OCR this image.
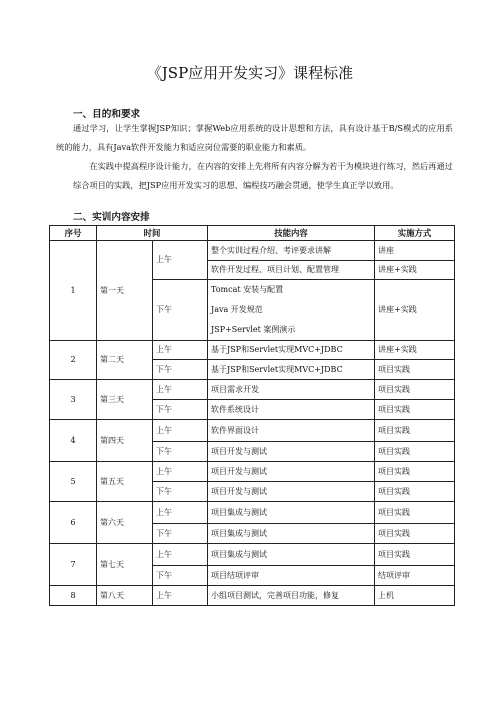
《JSP应用开发实习》课程标准
一、目的和要求
通过学习，让学生掌握JSP知识；掌握Web应用系统的设计思想和方法，具有设计基于B/S模式的应用系统的能力，具有Java软件开发能力和适应岗位需要的职业能力和素质。
在实践中提高程序设计能力，在内容的安排上先将所有内容分解为若干为模块进行练习，然后再通过综合项目的实践，把JSP应用开发实习的思想、编程技巧融会贯通，使学生真正学以致用。
二、实训内容安排
序号	时间		技能内容	实施方式
1	第一天	上午	整个实训过程介绍、考评要求讲解	讲座
			软件开发过程、项目计划、配置管理	讲座+实践
		下午	Tomcat 安装与配置
Java 开发规范
JSP+Servlet 案例演示	讲座+实践
2	第二天	上午	基于JSP和Servlet实现MVC+JDBC	讲座+实践
		下午	基于JSP和Servlet实现MVC+JDBC	项目实践
3	第三天	上午	项目需求开发	项目实践
		下午	软件系统设计	项目实践
4	第四天	上午	软件界面设计	项目实践
		下午	项目开发与测试	项目实践
5	第五天	上午	项目开发与测试	项目实践
		下午	项目开发与测试	项目实践
6	第六天	上午	项目集成与测试	项目实践
		下午	项目集成与测试	项目实践
7	第七天	上午	项目集成与测试	项目实践
		下午	项目结项评审	结项评审
8	第八天	上午	小组项目测试，完善项目功能，修复	上机
